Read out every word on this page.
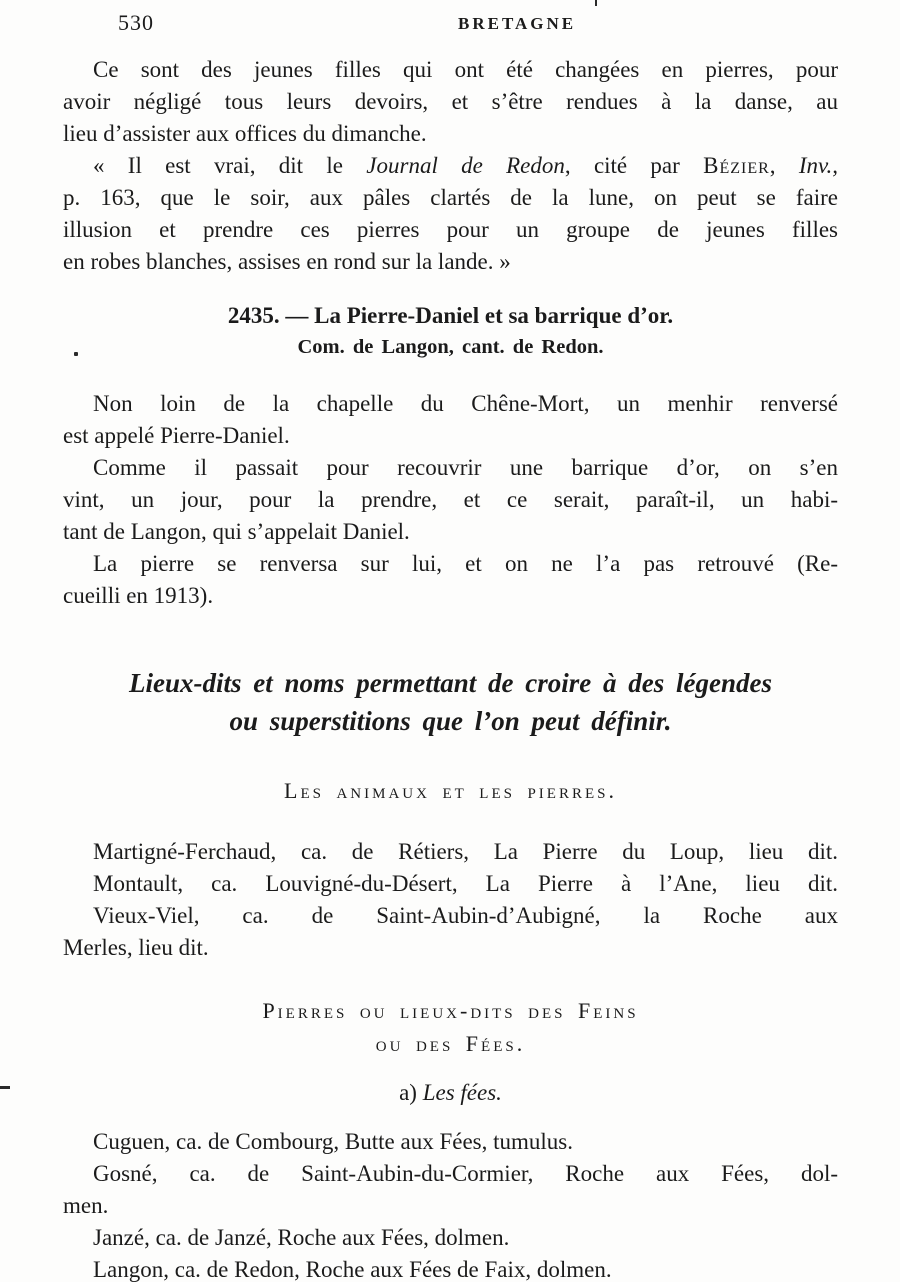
530	BRETAGNE
Ce sont des jeunes filles qui ont été changées en pierres, pour
avoir négligé tous leurs devoirs, et s’être rendues à la danse, au
lieu d’assister aux offices du dimanche.
« Il est vrai, dit le Journal de Redon, cité par Bézier, Inv.,
p. 163, que le soir, aux pâles clartés de la lune, on peut se faire
illusion et prendre ces pierres pour un groupe de jeunes filles
en robes blanches, assises en rond sur la lande. »
2435. — La Pierre-Daniel et sa barrique d’or.
Com. de Langon, cant. de Redon.
Non loin de la chapelle du Chêne-Mort, un menhir renversé
est appelé Pierre-Daniel.
Comme il passait pour recouvrir une barrique d’or, on s’en
vint, un jour, pour la prendre, et ce serait, paraît-il, un habi-
tant de Langon, qui s’appelait Daniel.
La pierre se renversa sur lui, et on ne l’a pas retrouvé (Re-
cueilli en 1913).
Lieux-dits et noms permettant de croire à des légendes
ou superstitions que l’on peut définir.
Les animaux et les pierres.
Martigné-Ferchaud, ca. de Rétiers, La Pierre du Loup, lieu dit.
Montault, ca. Louvigné-du-Désert, La Pierre à l’Ane, lieu dit.
Vieux-Viel, ca. de Saint-Aubin-d’Aubigné, la Roche aux
Merles, lieu dit.
Pierres ou lieux-dits des Feins
ou des Fées.
a) Les fées.
Cuguen, ca. de Combourg, Butte aux Fées, tumulus.
Gosné, ca. de Saint-Aubin-du-Cormier, Roche aux Fées, dol-
men.
Janzé, ca. de Janzé, Roche aux Fées, dolmen.
Langon, ca. de Redon, Roche aux Fées de Faix, dolmen.
